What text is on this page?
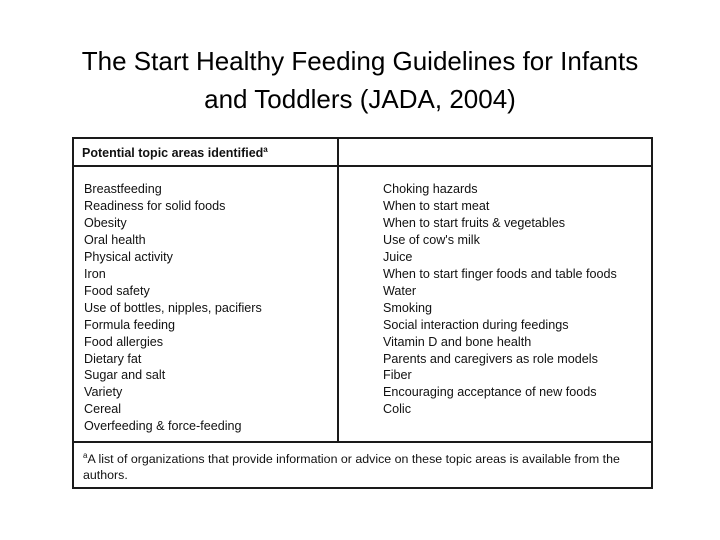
The Start Healthy Feeding Guidelines for Infants
and Toddlers (JADA, 2004)
Potential topic areas identified$^a$
Breastfeeding
Readiness for solid foods
Obesity
Oral health
Physical activity
Iron
Food safety
Use of bottles, nipples, pacifiers
Formula feeding
Food allergies
Dietary fat
Sugar and salt
Variety
Cereal
Overfeeding & force-feeding
Choking hazards
When to start meat
When to start fruits & vegetables
Use of cow's milk
Juice
When to start finger foods and table foods
Water
Smoking
Social interaction during feedings
Vitamin D and bone health
Parents and caregivers as role models
Fiber
Encouraging acceptance of new foods
Colic
$^a$A list of organizations that provide information or advice on these topic areas is available from the authors.
